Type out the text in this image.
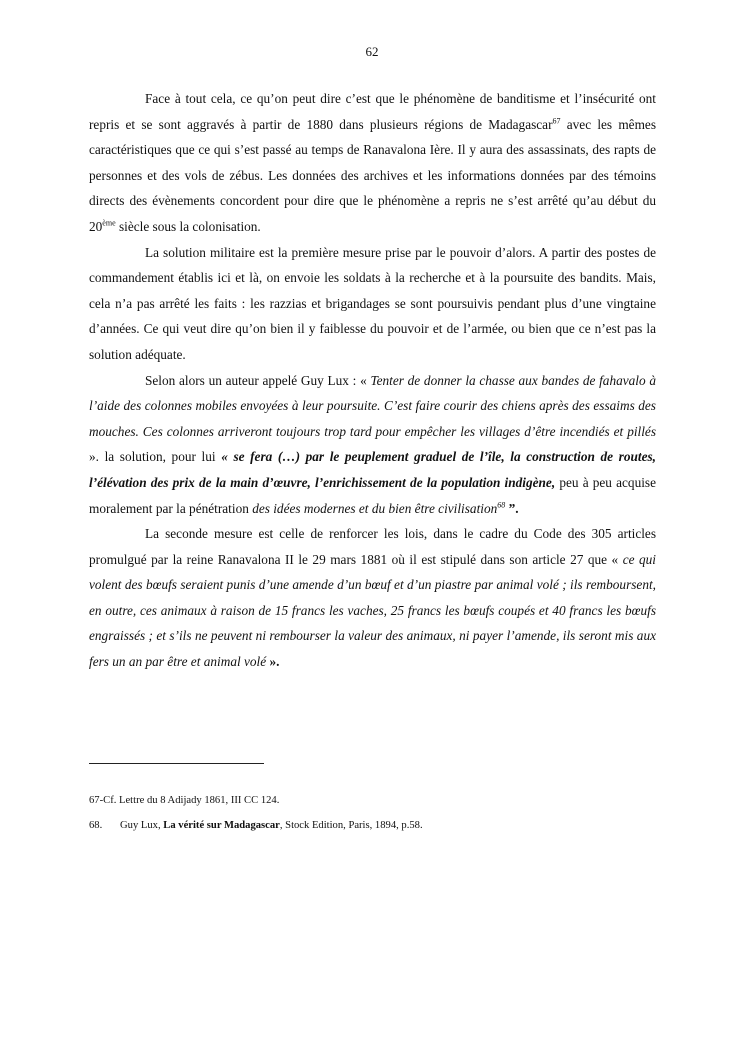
62

Face à tout cela, ce qu’on peut dire c’est que le phénomène de banditisme et l’insécurité ont repris et se sont aggravés à partir de 1880 dans plusieurs régions de Madagascar$^{67}$ avec les mêmes caractéristiques que ce qui s’est passé au temps de Ranavalona Ière. Il y aura des assassinats, des rapts de personnes et des vols de zébus. Les données des archives et les informations données par des témoins directs des évènements concordent pour dire que le phénomène a repris ne s’est arrêté qu’au début du 20ème siècle sous la colonisation.

La solution militaire est la première mesure prise par le pouvoir d’alors. A partir des postes de commandement établis ici et là, on envoie les soldats à la recherche et à la poursuite des bandits. Mais, cela n’a pas arrêté les faits : les razzias et brigandages se sont poursuivis pendant plus d’une vingtaine d’années. Ce qui veut dire qu’on bien il y faiblesse du pouvoir et de l’armée, ou bien que ce n’est pas la solution adéquate.

Selon alors un auteur appelé Guy Lux : « Tenter de donner la chasse aux bandes de fahavalo à l’aide des colonnes mobiles envoyées à leur poursuite. C’est faire courir des chiens après des essaims des mouches. Ces colonnes arriveront toujours trop tard pour empêcher les villages d’être incendiés et pillés ». la solution, pour lui « se fera (…) par le peuplement graduel de l’île, la construction de routes, l’élévation des prix de la main d’œuvre, l’enrichissement de la population indigène, peu à peu acquise moralement par la pénétration des idées modernes et du bien être civilisation$^{68}$ ”.

La seconde mesure est celle de renforcer les lois, dans le cadre du Code des 305 articles promulgué par la reine Ranavalona II le 29 mars 1881 où il est stipulé dans son article 27 que « ce qui volent des bœufs seraient punis d’une amende d’un bœuf et d’un piastre par animal volé ; ils remboursent, en outre, ces animaux à raison de 15 francs les vaches, 25 francs les bœufs coupés et 40 francs les bœufs engraissés ; et s’ils ne peuvent ni rembourser la valeur des animaux, ni payer l’amende, ils seront mis aux fers un an par être et animal volé ».

67-Cf. Lettre du 8 Adijady 1861, III CC 124.

68. Guy Lux, La vérité sur Madagascar, Stock Edition, Paris, 1894, p.58.
